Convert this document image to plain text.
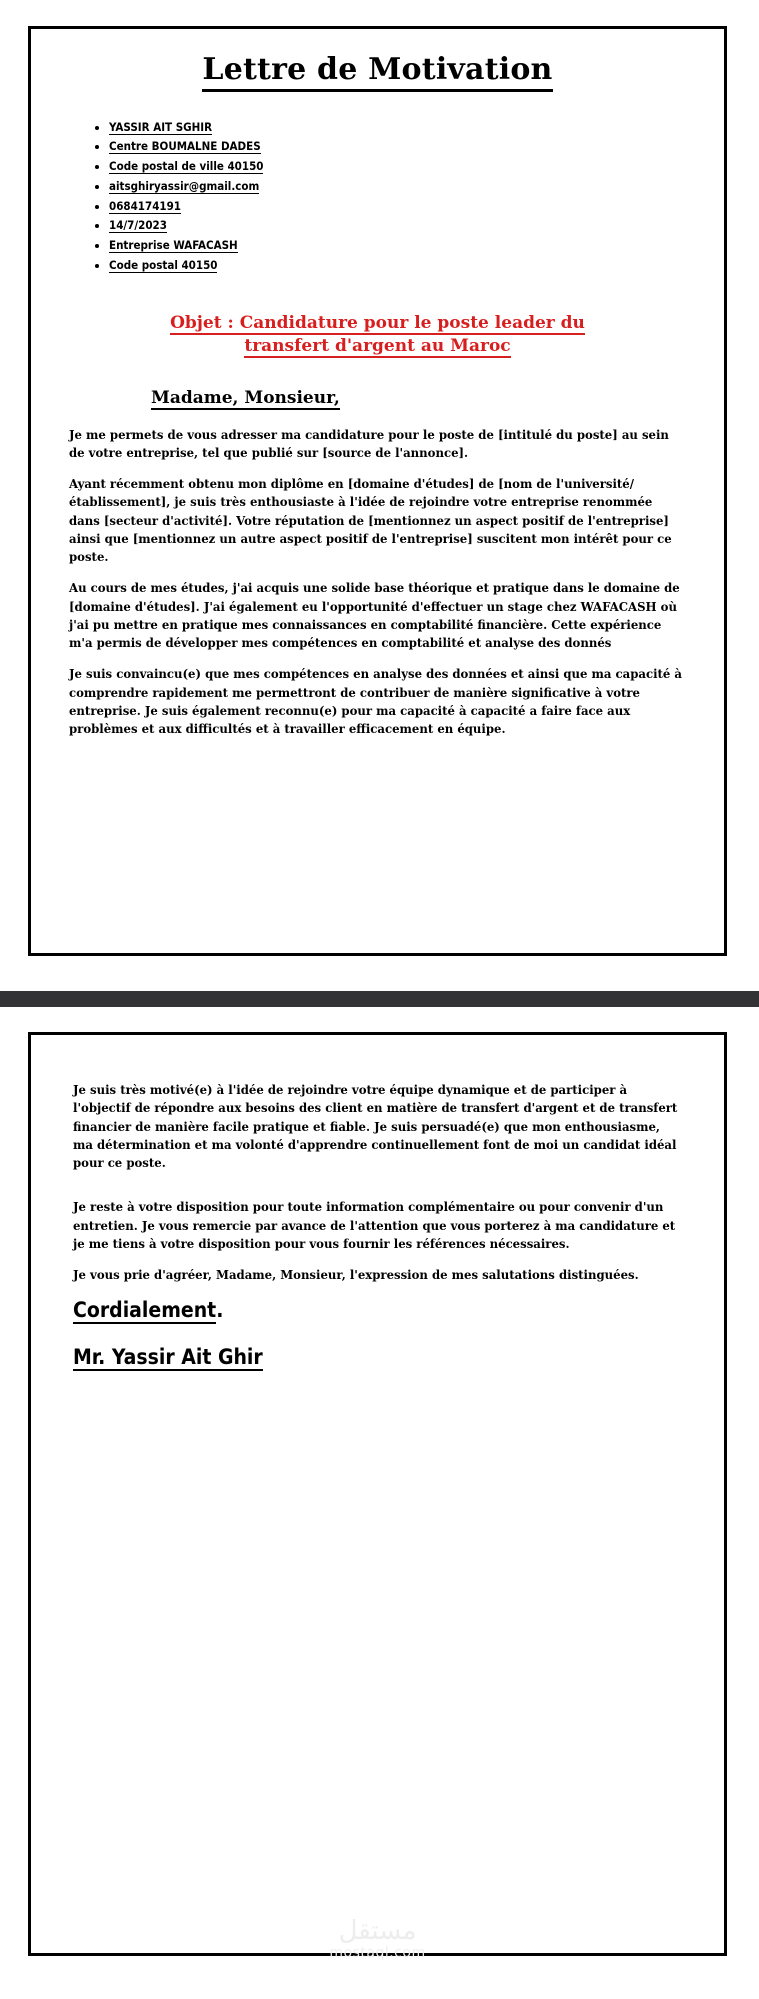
Lettre de Motivation
• YASSIR AIT SGHIR
• Centre BOUMALNE DADES
• Code postal de ville 40150
• aitsghiryassir@gmail.com
• 0684174191
• 14/7/2023
• Entreprise WAFACASH
• Code postal 40150
Objet : Candidature pour le poste leader du transfert d'argent au Maroc
Madame, Monsieur,

Je me permets de vous adresser ma candidature pour le poste de [intitulé du poste] au sein de votre entreprise, tel que publié sur [source de l'annonce].

Ayant récemment obtenu mon diplôme en [domaine d'études] de [nom de l'université/établissement], je suis très enthousiaste à l'idée de rejoindre votre entreprise renommée dans [secteur d'activité]. Votre réputation de [mentionnez un aspect positif de l'entreprise] ainsi que [mentionnez un autre aspect positif de l'entreprise] suscitent mon intérêt pour ce poste.

Au cours de mes études, j'ai acquis une solide base théorique et pratique dans le domaine de [domaine d'études]. J'ai également eu l'opportunité d'effectuer un stage chez WAFACASH où j'ai pu mettre en pratique mes connaissances en comptabilité financière. Cette expérience m'a permis de développer mes compétences en comptabilité et analyse des donnés

Je suis convaincu(e) que mes compétences en analyse des données et ainsi que ma capacité à comprendre rapidement me permettront de contribuer de manière significative à votre entreprise. Je suis également reconnu(e) pour ma capacité à capacité a faire face aux problèmes et aux difficultés et à travailler efficacement en équipe.

Je suis très motivé(e) à l'idée de rejoindre votre équipe dynamique et de participer à l'objectif de répondre aux besoins des client en matière de transfert d'argent et de transfert financier de manière facile pratique et fiable. Je suis persuadé(e) que mon enthousiasme, ma détermination et ma volonté d'apprendre continuellement font de moi un candidat idéal pour ce poste.

Je reste à votre disposition pour toute information complémentaire ou pour convenir d'un entretien. Je vous remercie par avance de l'attention que vous porterez à ma candidature et je me tiens à votre disposition pour vous fournir les références nécessaires.

Je vous prie d'agréer, Madame, Monsieur, l'expression de mes salutations distinguées.

Cordialement.
Mr. Yassir Ait Ghir
مستقل
mostaql.com
